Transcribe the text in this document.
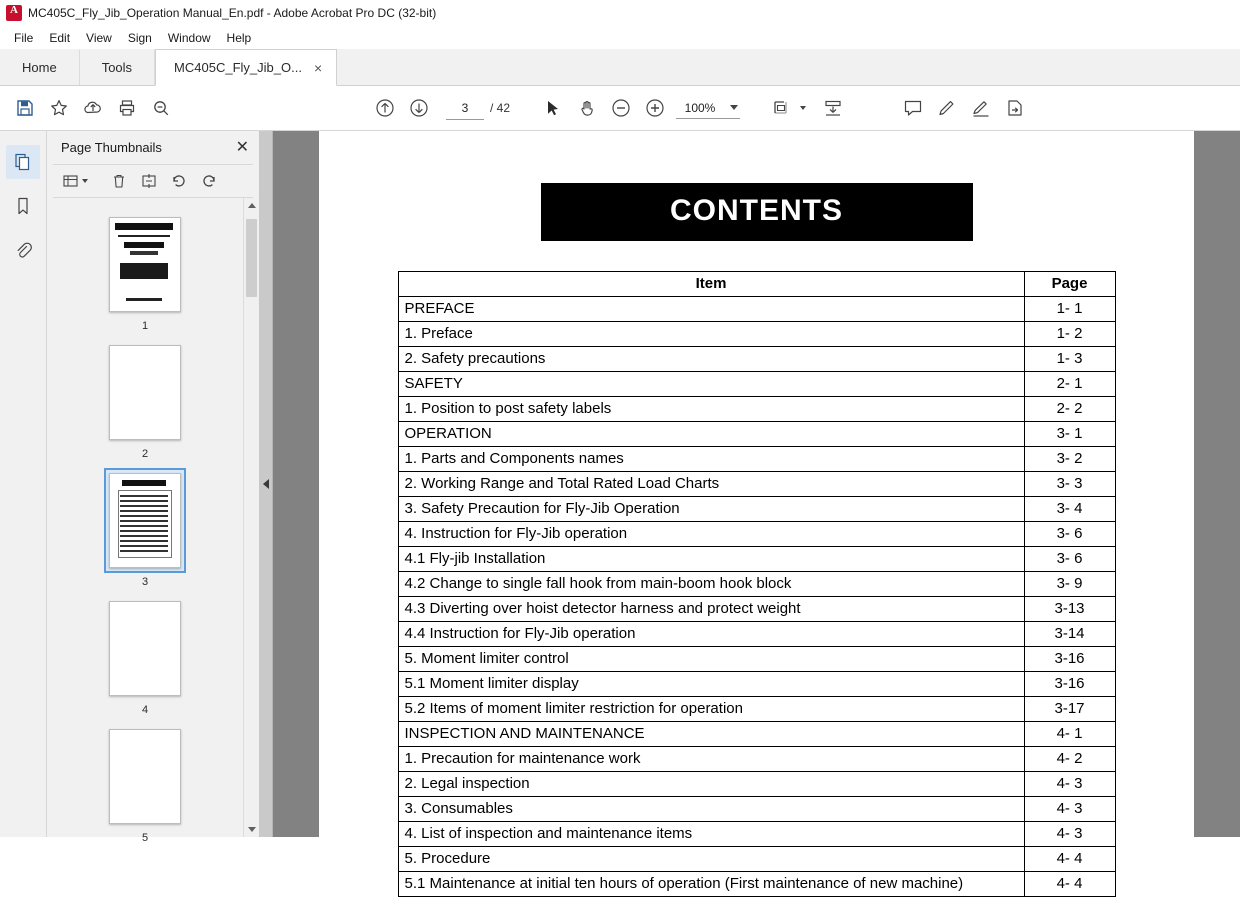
A
MC405C_Fly_Jib_Operation Manual_En.pdf - Adobe Acrobat Pro DC (32-bit)
File	Edit	View	Sign	Window	Help
Home	Tools	MC405C_Fly_Jib_O... ×
3
/ 42	100%
Page Thumbnails	✕
1
2
3
4
5
CONTENTS
Item	Page
PREFACE	1- 1
1. Preface	1- 2
2. Safety precautions	1- 3
SAFETY	2- 1
1. Position to post safety labels	2- 2
OPERATION	3- 1
1. Parts and Components names	3- 2
2. Working Range and Total Rated Load Charts	3- 3
3. Safety Precaution for Fly-Jib Operation	3- 4
4. Instruction for Fly-Jib operation	3- 6
4.1 Fly-jib Installation	3- 6
4.2 Change to single fall hook from main-boom hook block	3- 9
4.3 Diverting over hoist detector harness and protect weight	3-13
4.4 Instruction for Fly-Jib operation	3-14
5. Moment limiter control	3-16
5.1 Moment limiter display	3-16
5.2 Items of moment limiter restriction for operation	3-17
INSPECTION AND MAINTENANCE	4- 1
1. Precaution for maintenance work	4- 2
2. Legal inspection	4- 3
3. Consumables	4- 3
4. List of inspection and maintenance items	4- 3
5. Procedure	4- 4
5.1 Maintenance at initial ten hours of operation (First maintenance of new machine)	4- 4
